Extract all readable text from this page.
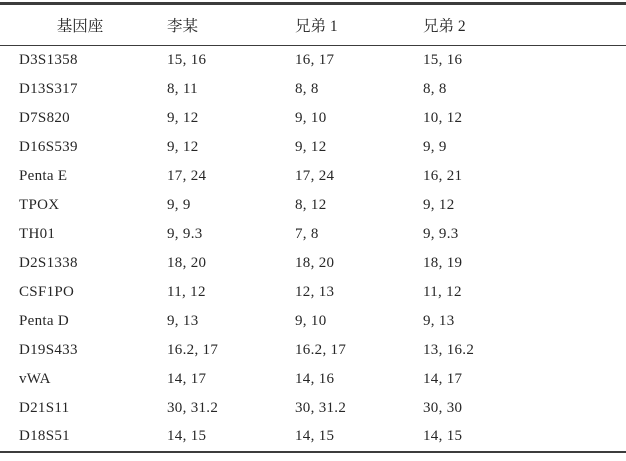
基因座	李某	兄弟 1	兄弟 2
D3S1358	15, 16	16, 17	15, 16
D13S317	8, 11	8, 8	8, 8
D7S820	9, 12	9, 10	10, 12
D16S539	9, 12	9, 12	9, 9
Penta E	17, 24	17, 24	16, 21
TPOX	9, 9	8, 12	9, 12
TH01	9, 9.3	7, 8	9, 9.3
D2S1338	18, 20	18, 20	18, 19
CSF1PO	11, 12	12, 13	11, 12
Penta D	9, 13	9, 10	9, 13
D19S433	16.2, 17	16.2, 17	13, 16.2
vWA	14, 17	14, 16	14, 17
D21S11	30, 31.2	30, 31.2	30, 30
D18S51	14, 15	14, 15	14, 15
